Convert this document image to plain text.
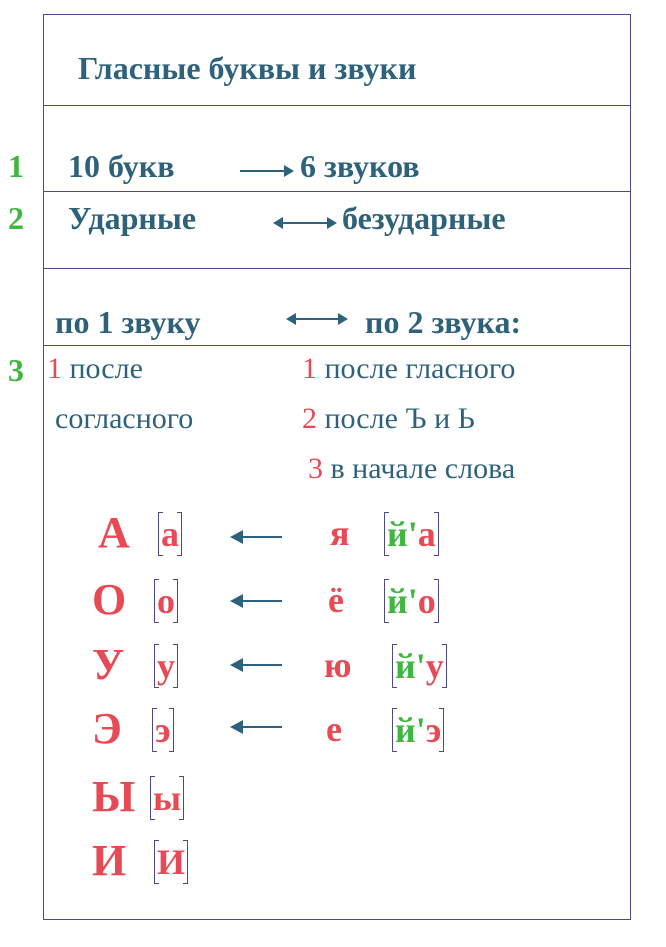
Гласные буквы и звуки
1 10 букв	6 звуков
2 Ударные	безударные
по 1 звуку	по 2 звука:
3 1 после
согласного
1 после гласного
2 после Ъ и Ь
3 в начале слова
А а	я й'а
О о	ё й'о
У у	ю й'у
Э э	е й'э
Ы ы
И И
